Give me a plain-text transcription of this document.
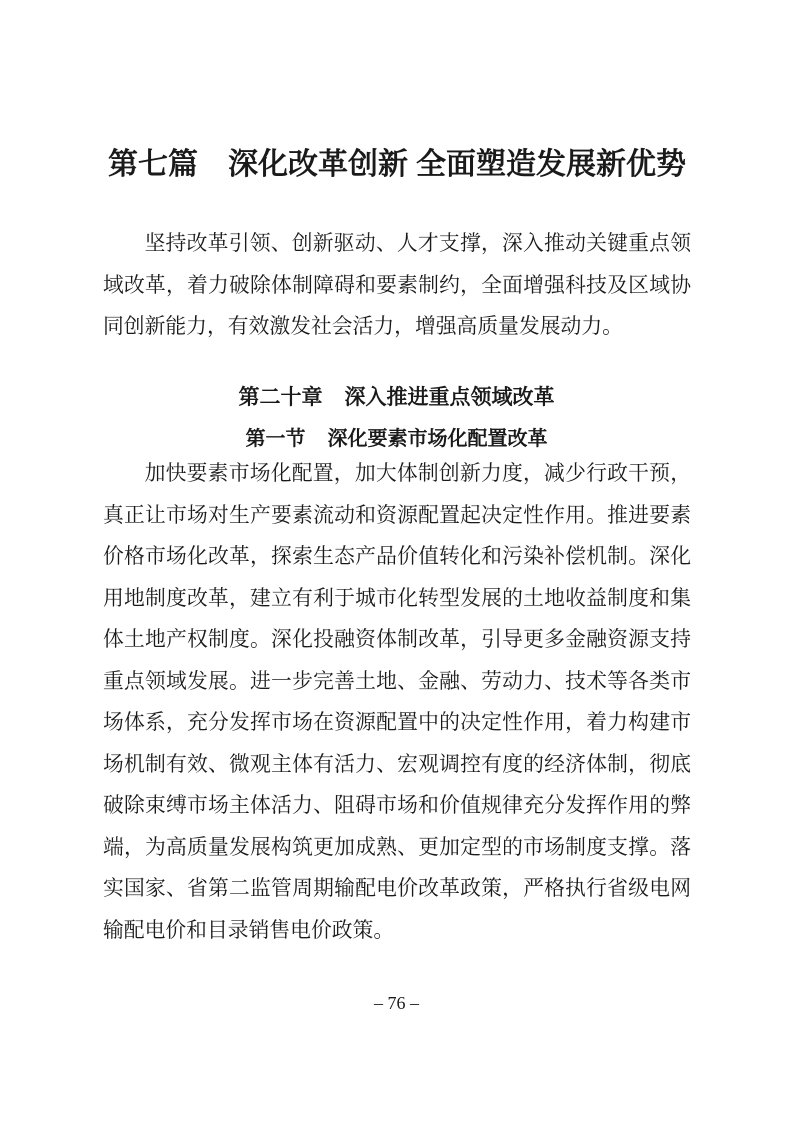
第七篇 深化改革创新 全面塑造发展新优势

坚持改革引领、创新驱动、人才支撑，深入推动关键重点领域改革，着力破除体制障碍和要素制约，全面增强科技及区域协同创新能力，有效激发社会活力，增强高质量发展动力。

第二十章 深入推进重点领域改革
第一节 深化要素市场化配置改革

加快要素市场化配置，加大体制创新力度，减少行政干预，真正让市场对生产要素流动和资源配置起决定性作用。推进要素价格市场化改革，探索生态产品价值转化和污染补偿机制。深化用地制度改革，建立有利于城市化转型发展的土地收益制度和集体土地产权制度。深化投融资体制改革，引导更多金融资源支持重点领域发展。进一步完善土地、金融、劳动力、技术等各类市场体系，充分发挥市场在资源配置中的决定性作用，着力构建市场机制有效、微观主体有活力、宏观调控有度的经济体制，彻底破除束缚市场主体活力、阻碍市场和价值规律充分发挥作用的弊端，为高质量发展构筑更加成熟、更加定型的市场制度支撑。落实国家、省第二监管周期输配电价改革政策，严格执行省级电网输配电价和目录销售电价政策。

– 76 –
